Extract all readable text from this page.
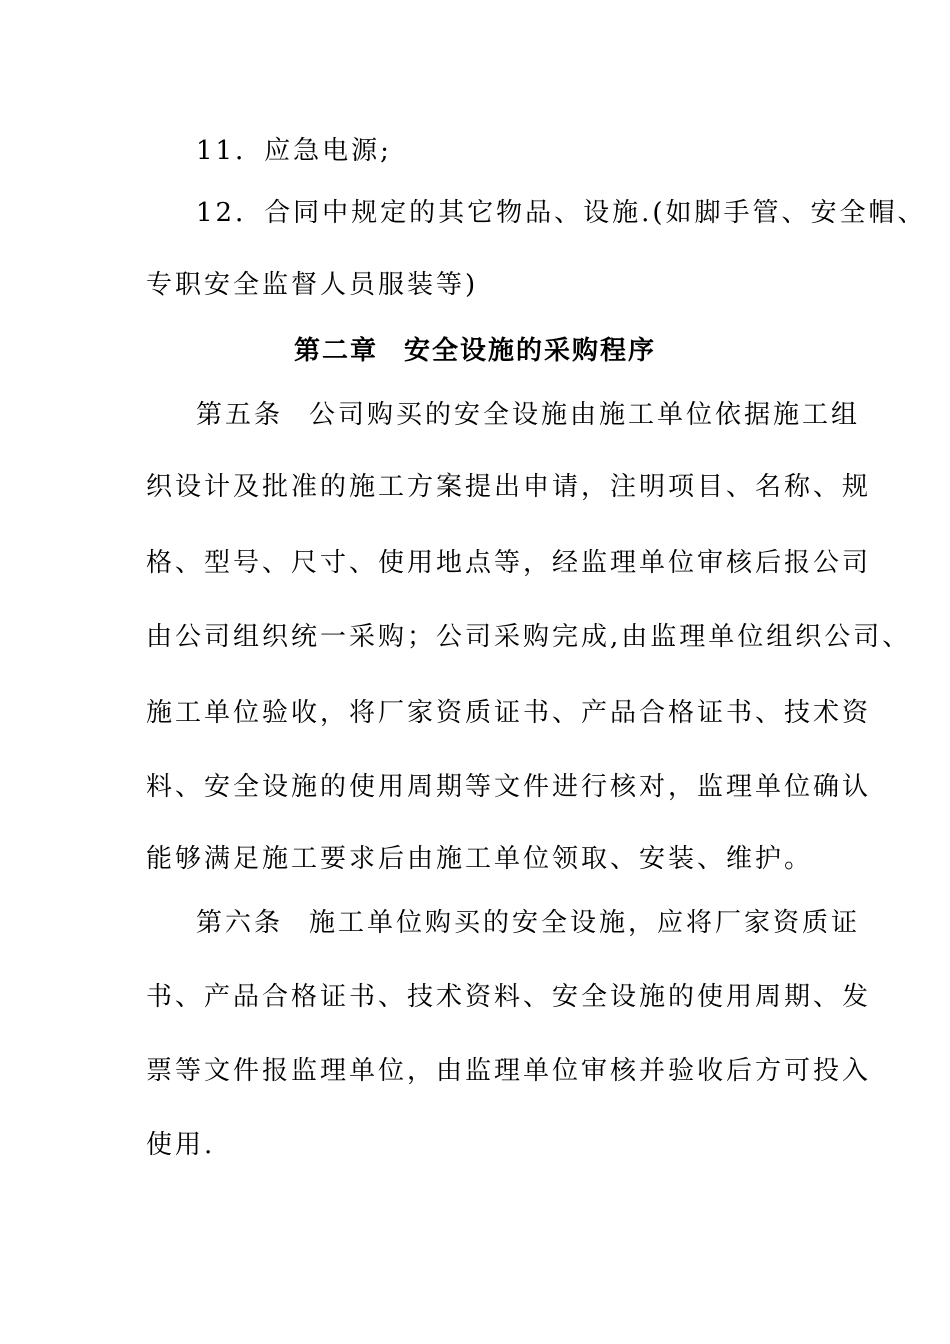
11．应急电源;
12．合同中规定的其它物品、设施.(如脚手管、安全帽、
专职安全监督人员服装等)
第二章 安全设施的采购程序
第五条 公司购买的安全设施由施工单位依据施工组
织设计及批准的施工方案提出申请，注明项目、名称、规
格、型号、尺寸、使用地点等，经监理单位审核后报公司
由公司组织统一采购；公司采购完成,由监理单位组织公司、
施工单位验收，将厂家资质证书、产品合格证书、技术资
料、安全设施的使用周期等文件进行核对，监理单位确认
能够满足施工要求后由施工单位领取、安装、维护。
第六条 施工单位购买的安全设施，应将厂家资质证
书、产品合格证书、技术资料、安全设施的使用周期、发
票等文件报监理单位，由监理单位审核并验收后方可投入
使用.
